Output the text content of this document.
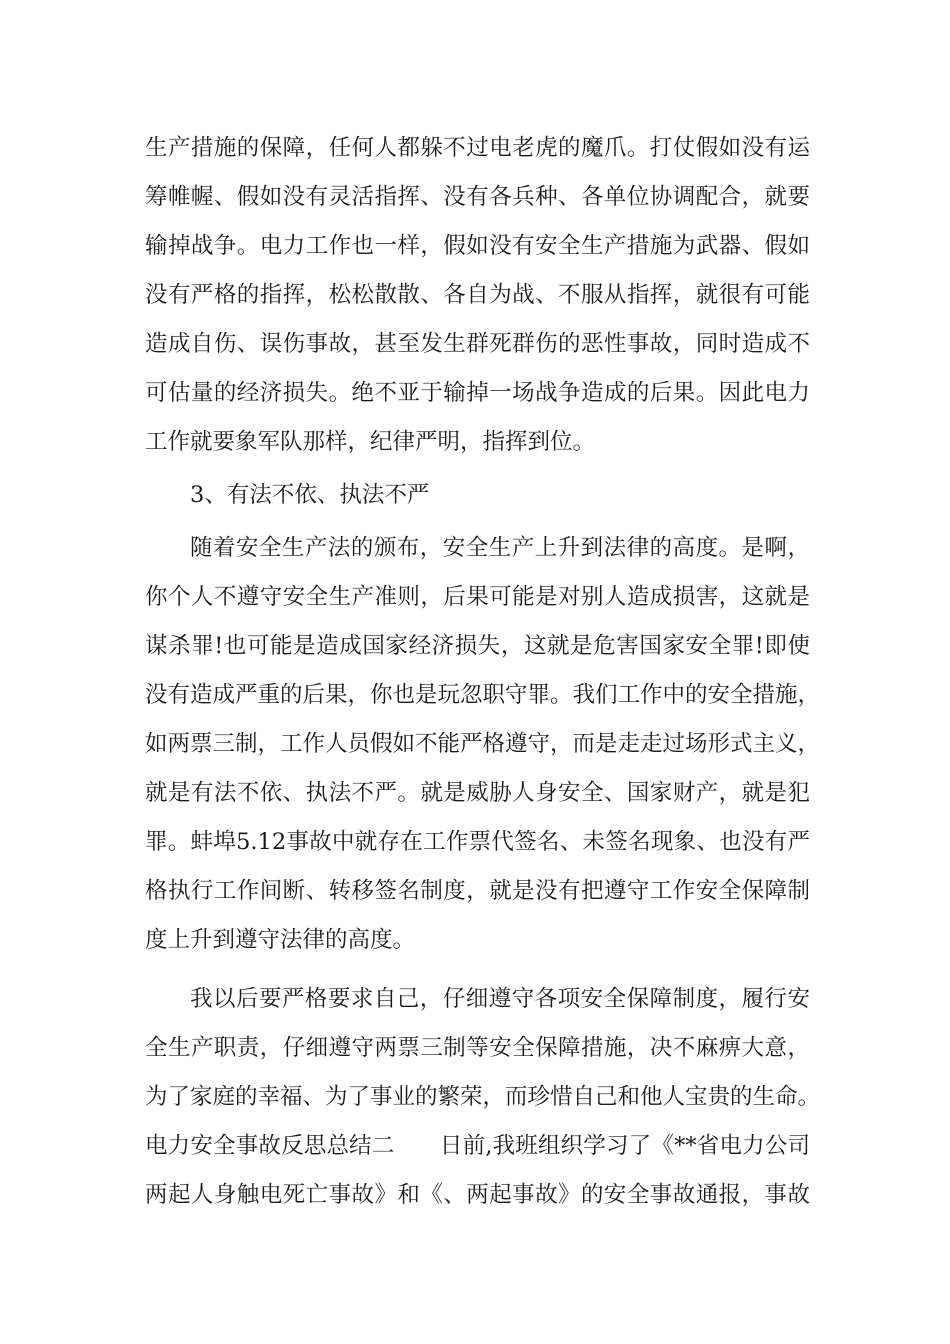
生产措施的保障，任何人都躲不过电老虎的魔爪。打仗假如没有运
筹帷幄、假如没有灵活指挥、没有各兵种、各单位协调配合，就要
输掉战争。电力工作也一样，假如没有安全生产措施为武器、假如
没有严格的指挥，松松散散、各自为战、不服从指挥，就很有可能
造成自伤、误伤事故，甚至发生群死群伤的恶性事故，同时造成不
可估量的经济损失。绝不亚于输掉一场战争造成的后果。因此电力
工作就要象军队那样，纪律严明，指挥到位。
3、有法不依、执法不严
随着安全生产法的颁布，安全生产上升到法律的高度。是啊，
你个人不遵守安全生产准则，后果可能是对别人造成损害，这就是
谋杀罪!也可能是造成国家经济损失，这就是危害国家安全罪!即使
没有造成严重的后果，你也是玩忽职守罪。我们工作中的安全措施，
如两票三制，工作人员假如不能严格遵守，而是走走过场形式主义，
就是有法不依、执法不严。就是威胁人身安全、国家财产，就是犯
罪。蚌埠5.12事故中就存在工作票代签名、未签名现象、也没有严
格执行工作间断、转移签名制度，就是没有把遵守工作安全保障制
度上升到遵守法律的高度。
我以后要严格要求自己，仔细遵守各项安全保障制度，履行安
全生产职责，仔细遵守两票三制等安全保障措施，决不麻痹大意，
为了家庭的幸福、为了事业的繁荣，而珍惜自己和他人宝贵的生命。
电力安全事故反思总结二　　日前,我班组织学习了《**省电力公司
两起人身触电死亡事故》和《、两起事故》的安全事故通报，事故
